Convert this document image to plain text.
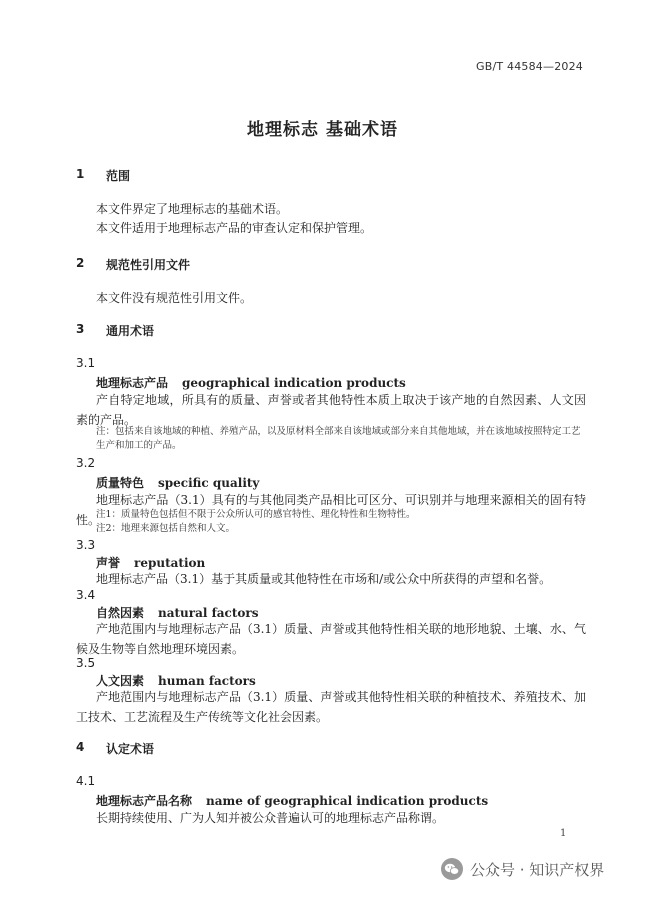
GB/T 44584—2024
地理标志 基础术语
1 范围
本文件界定了地理标志的基础术语。
本文件适用于地理标志产品的审查认定和保护管理。
2 规范性引用文件
本文件没有规范性引用文件。
3 通用术语
3.1
地理标志产品 geographical indication products
产自特定地域，所具有的质量、声誉或者其他特性本质上取决于该产地的自然因素、人文因素的产品。
注：包括来自该地域的种植、养殖产品，以及原材料全部来自该地域或部分来自其他地域，并在该地域按照特定工艺生产和加工的产品。
3.2
质量特色 specific quality
地理标志产品（3.1）具有的与其他同类产品相比可区分、可识别并与地理来源相关的固有特性。
注1：质量特色包括但不限于公众所认可的感官特性、理化特性和生物特性。
注2：地理来源包括自然和人文。
3.3
声誉 reputation
地理标志产品（3.1）基于其质量或其他特性在市场和/或公众中所获得的声望和名誉。
3.4
自然因素 natural factors
产地范围内与地理标志产品（3.1）质量、声誉或其他特性相关联的地形地貌、土壤、水、气候及生物等自然地理环境因素。
3.5
人文因素 human factors
产地范围内与地理标志产品（3.1）质量、声誉或其他特性相关联的种植技术、养殖技术、加工技术、工艺流程及生产传统等文化社会因素。
4 认定术语
4.1
地理标志产品名称 name of geographical indication products
长期持续使用、广为人知并被公众普遍认可的地理标志产品称谓。
1
公众号 · 知识产权界
